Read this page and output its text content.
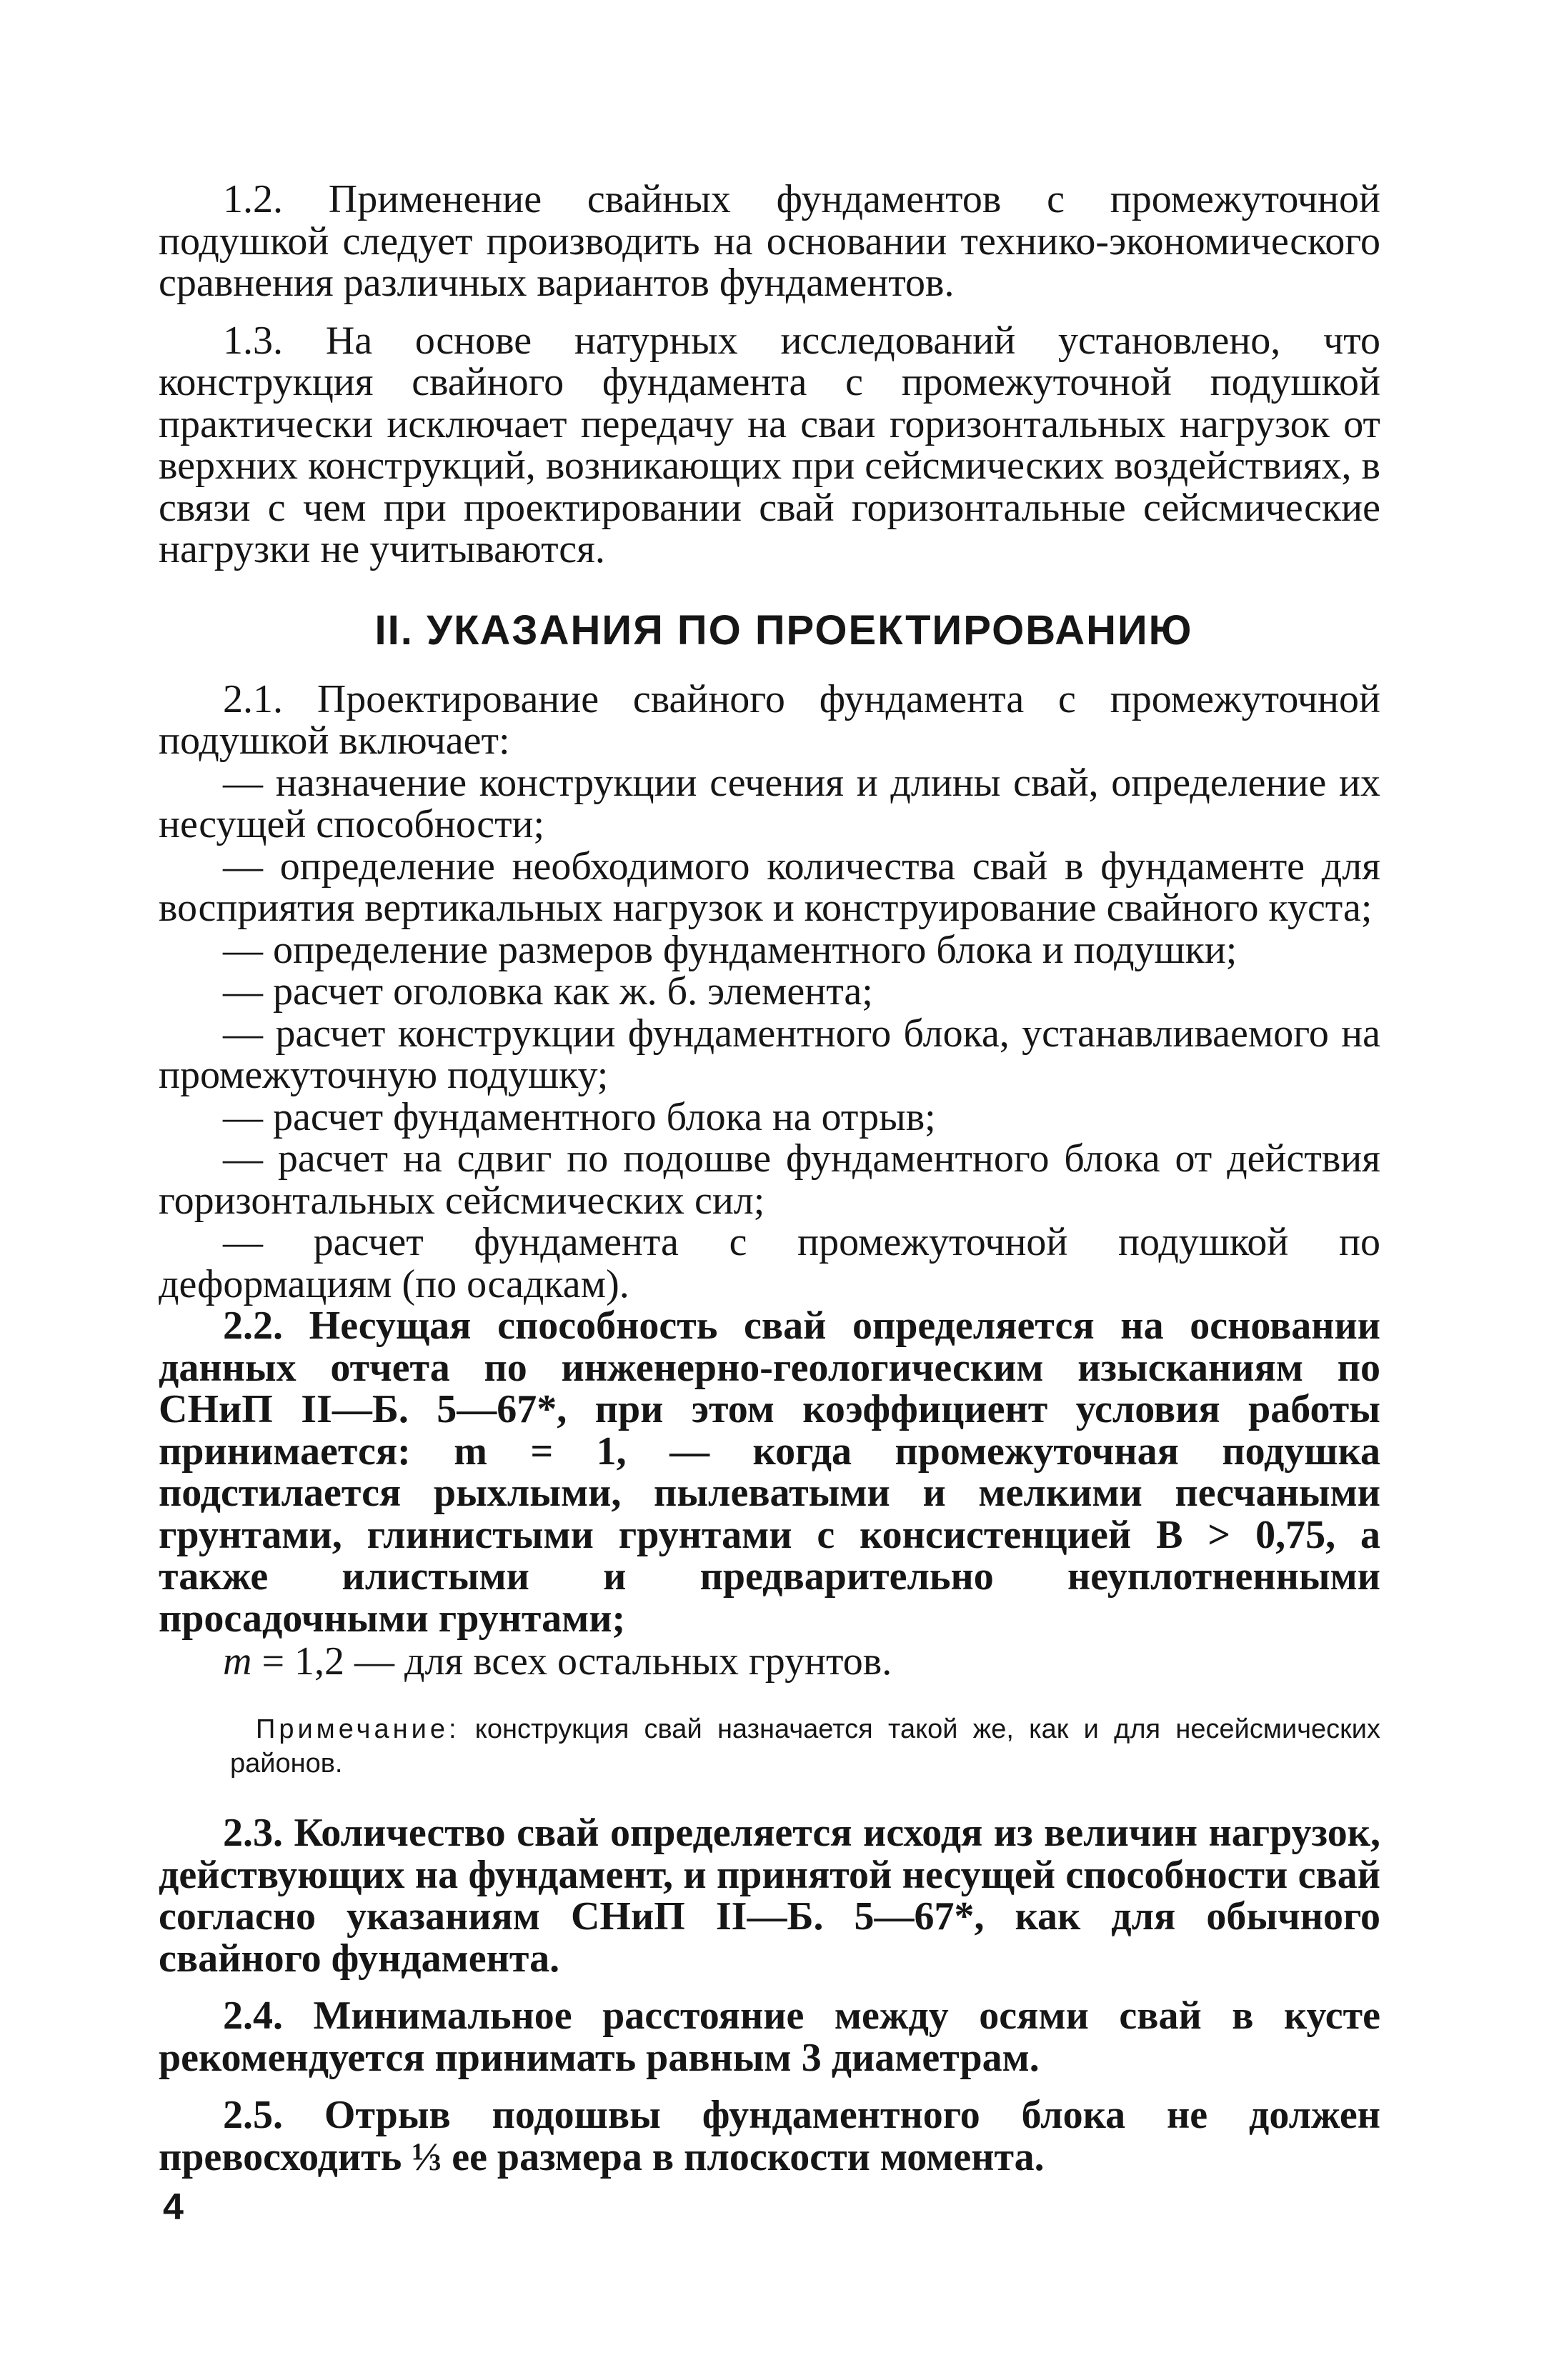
1.2. Применение свайных фундаментов с промежуточной подушкой следует производить на основании технико-экономического сравнения различных вариантов фундаментов.

1.3. На основе натурных исследований установлено, что конструкция свайного фундамента с промежуточной подушкой практически исключает передачу на сваи горизонтальных нагрузок от верхних конструкций, возникающих при сейсмических воздействиях, в связи с чем при проектировании свай горизонтальные сейсмические нагрузки не учитываются.

II. УКАЗАНИЯ ПО ПРОЕКТИРОВАНИЮ

2.1. Проектирование свайного фундамента с промежуточной подушкой включает:

— назначение конструкции сечения и длины свай, определение их несущей способности;

— определение необходимого количества свай в фундаменте для восприятия вертикальных нагрузок и конструирование свайного куста;

— определение размеров фундаментного блока и подушки;

— расчет оголовка как ж. б. элемента;

— расчет конструкции фундаментного блока, устанавливаемого на промежуточную подушку;

— расчет фундаментного блока на отрыв;

— расчет на сдвиг по подошве фундаментного блока от действия горизонтальных сейсмических сил;

— расчет фундамента с промежуточной подушкой по деформациям (по осадкам).

2.2. Несущая способность свай определяется на основании данных отчета по инженерно-геологическим изысканиям по СНиП II—Б. 5—67*, при этом коэффициент условия работы принимается: m = 1, — когда промежуточная подушка подстилается рыхлыми, пылеватыми и мелкими песчаными грунтами, глинистыми грунтами с консистенцией B > 0,75, а также илистыми и предварительно неуплотненными просадочными грунтами;

m = 1,2 — для всех остальных грунтов.

Примечание: конструкция свай назначается такой же, как и для несейсмических районов.

2.3. Количество свай определяется исходя из величин нагрузок, действующих на фундамент, и принятой несущей способности свай согласно указаниям СНиП II—Б. 5—67*, как для обычного свайного фундамента.

2.4. Минимальное расстояние между осями свай в кусте рекомендуется принимать равным 3 диаметрам.

2.5. Отрыв подошвы фундаментного блока не должен превосходить ⅓ ее размера в плоскости момента.

4
